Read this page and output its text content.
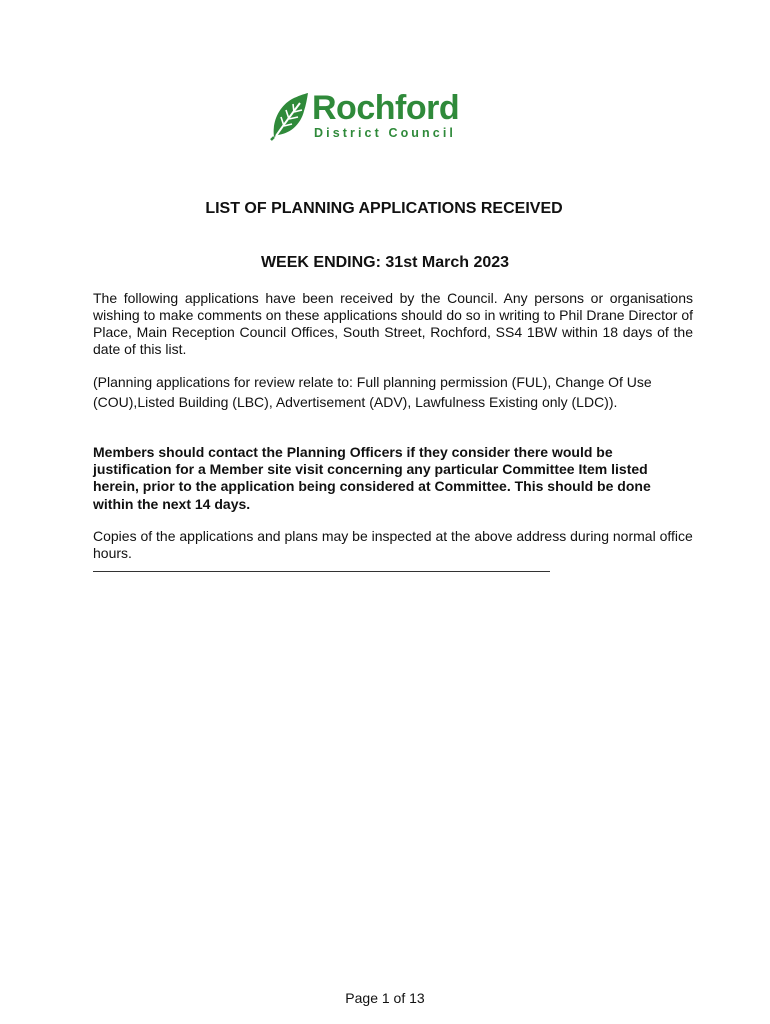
Rochford
District Council
LIST OF PLANNING APPLICATIONS RECEIVED
WEEK ENDING: 31st March 2023
The following applications have been received by the Council. Any persons or organisations wishing to make comments on these applications should do so in writing to Phil Drane Director of Place, Main Reception Council Offices, South Street, Rochford, SS4 1BW within 18 days of the date of this list.
(Planning applications for review relate to: Full planning permission (FUL), Change Of Use (COU),Listed Building (LBC), Advertisement (ADV), Lawfulness Existing only (LDC)).
Members should contact the Planning Officers if they consider there would be justification for a Member site visit concerning any particular Committee Item listed herein, prior to the application being considered at Committee. This should be done within the next 14 days.
Copies of the applications and plans may be inspected at the above address during normal office hours.
Page 1 of 13
